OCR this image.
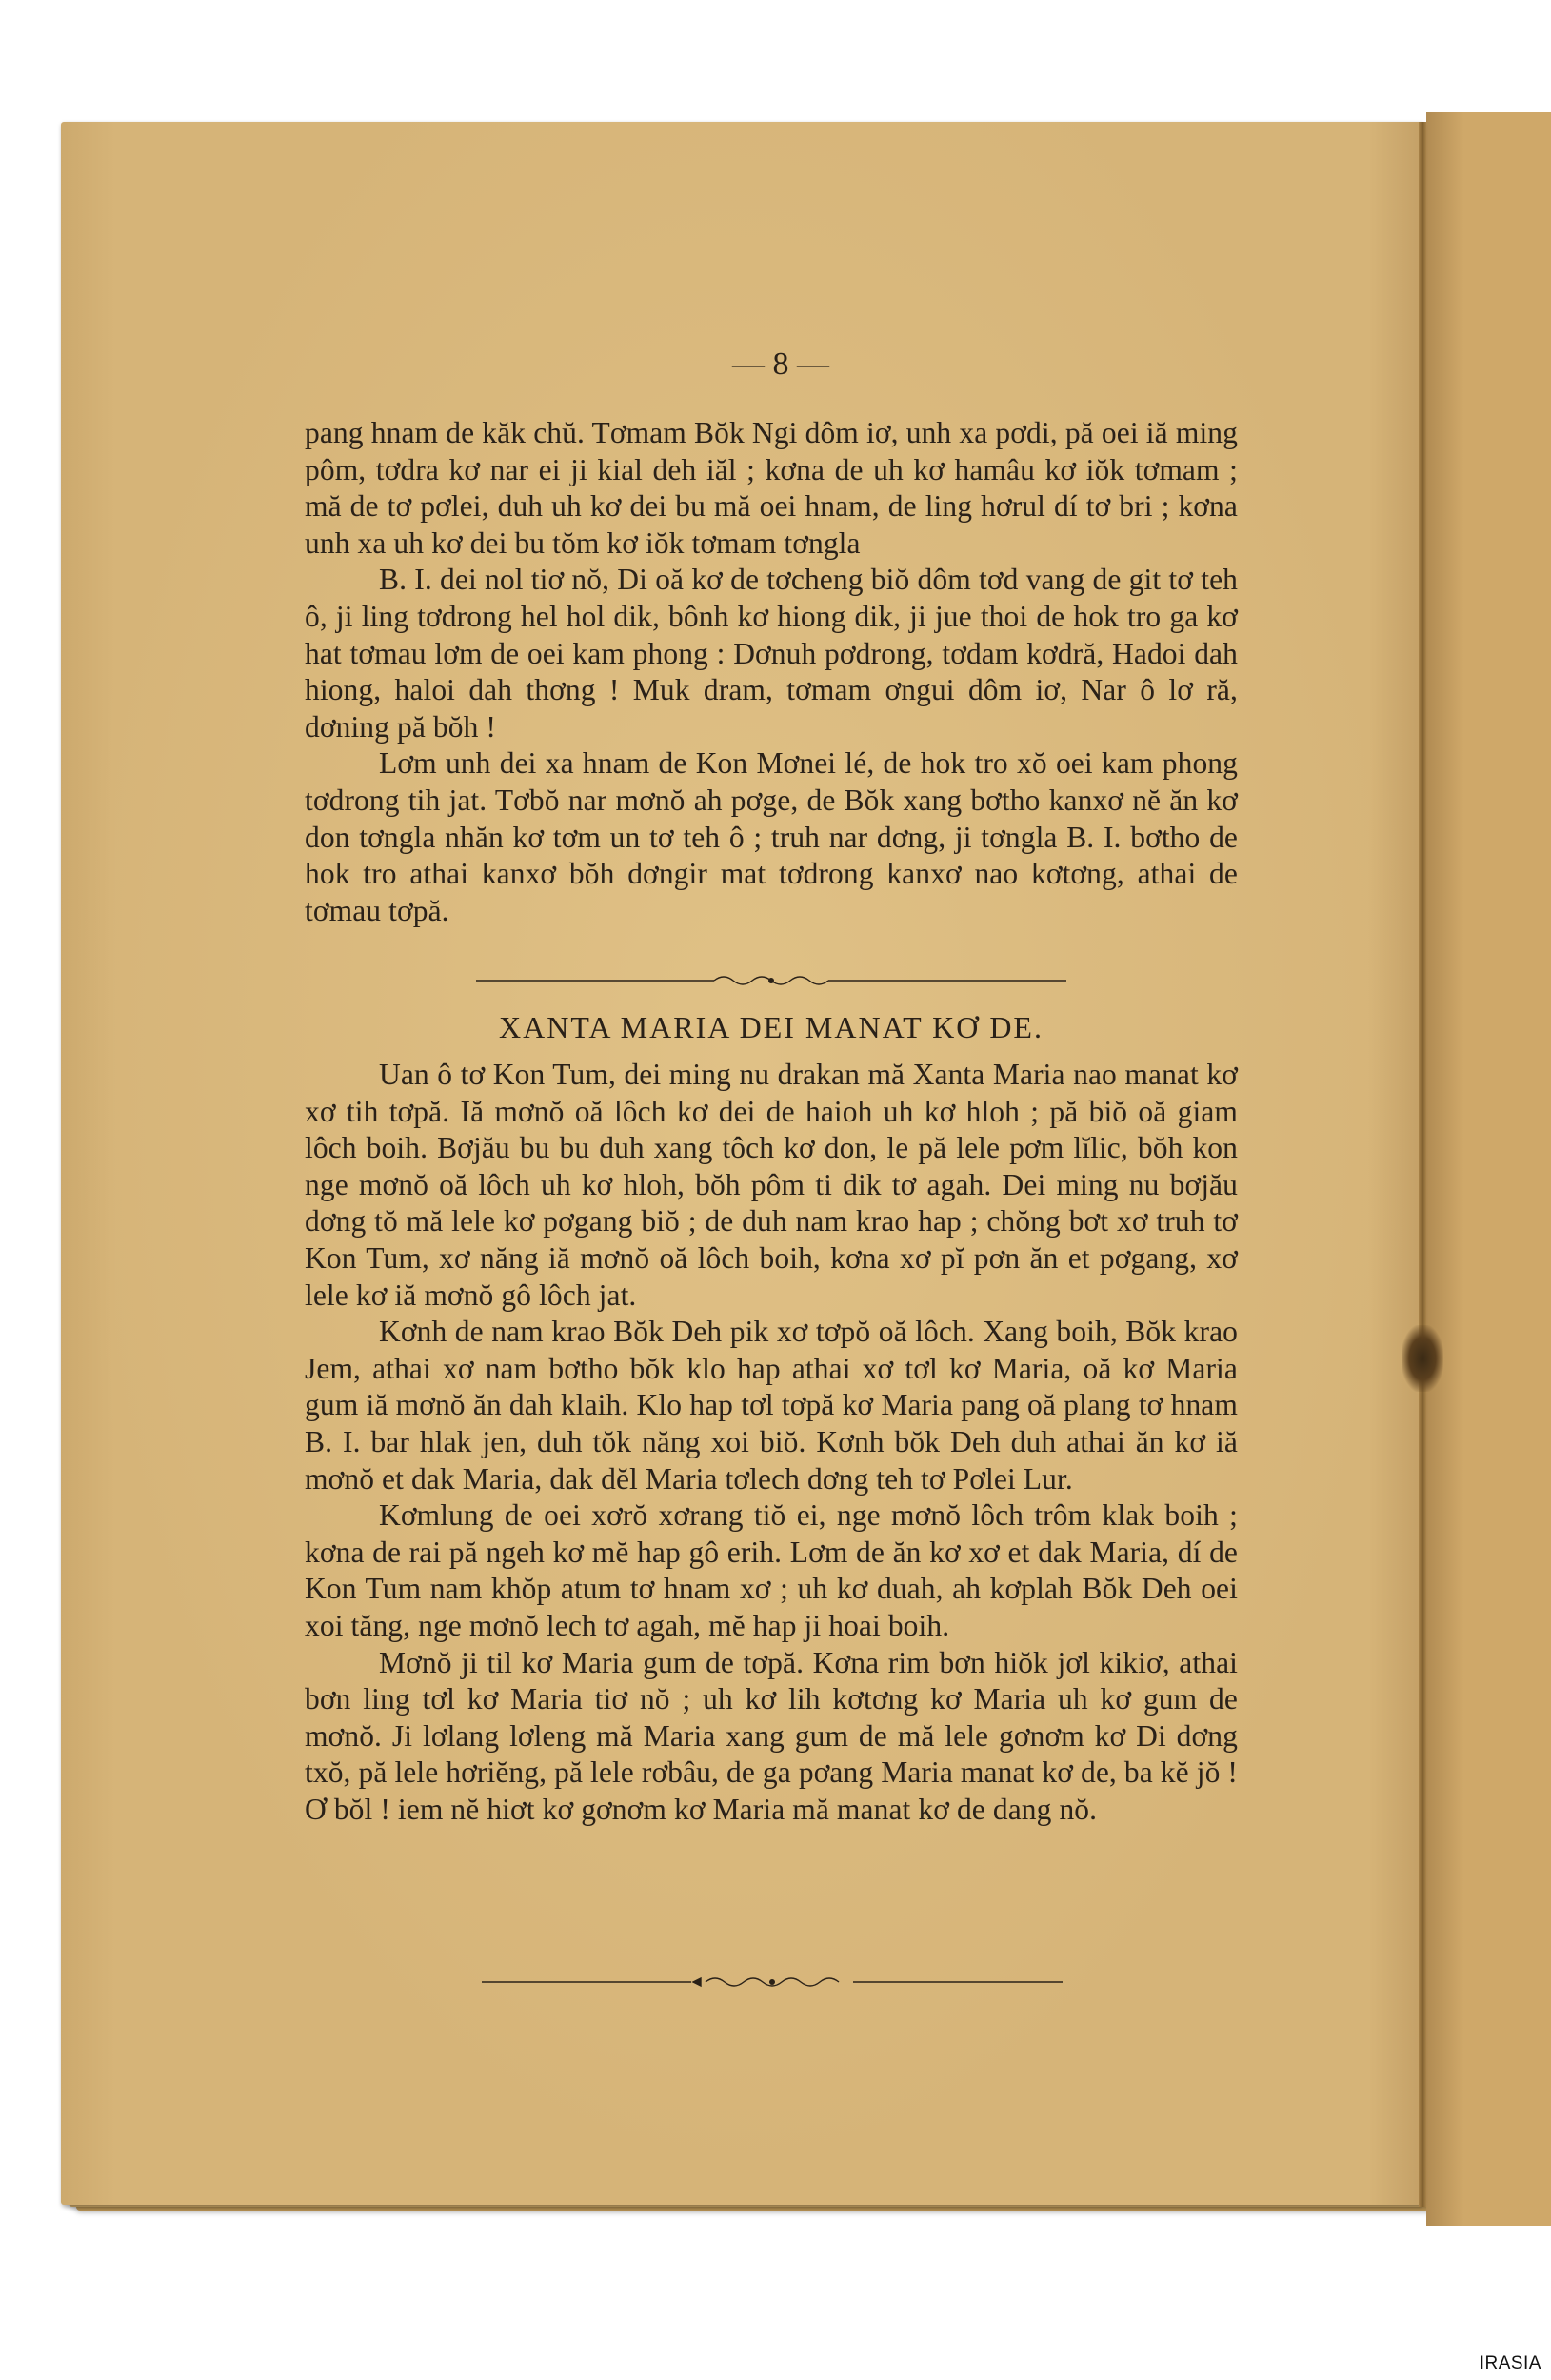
— 8 —

pang hnam de kăk chŭ. Tơmam Bŏk Ngi dôm iơ, unh xa pơdi, pă oei iă ming pôm, tơdra kơ nar ei ji kial deh iăl ; kơna de uh kơ hamâu kơ iŏk tơmam ; mă de tơ pơlei, duh uh kơ dei bu mă oei hnam, de ling hơrul dí tơ bri ; kơna unh xa uh kơ dei bu tŏm kơ iŏk tơmam tơngla

B. I. dei nol tiơ nŏ, Di oă kơ de tơcheng biŏ dôm tơd vang de git tơ teh ô, ji ling tơdrong hel hol dik, bônh kơ hiong dik, ji jue thoi de hok tro ga kơ hat tơmau lơm de oei kam phong : Dơnuh pơdrong, tơdam kơdră, Hadoi dah hiong, haloi dah thơng ! Muk dram, tơmam ơngui dôm iơ, Nar ô lơ ră, dơning pă bŏh !

Lơm unh dei xa hnam de Kon Mơnei lé, de hok tro xŏ oei kam phong tơdrong tih jat. Tơbŏ nar mơnŏ ah pơge, de Bŏk xang bơtho kanxơ nĕ ăn kơ don tơngla nhăn kơ tơm un tơ teh ô ; truh nar dơng, ji tơngla B. I. bơtho de hok tro athai kanxơ bŏh dơngir mat tơdrong kanxơ nao kơtơng, athai de tơmau tơpă.

XANTA MARIA DEI MANAT KƠ DE.

Uan ô tơ Kon Tum, dei ming nu drakan mă Xanta Maria nao manat kơ xơ tih tơpă. Iă mơnŏ oă lôch kơ dei de haioh uh kơ hloh ; pă biŏ oă giam lôch boih. Bơjău bu bu duh xang tôch kơ don, le pă lele pơm lĭlic, bŏh kon nge mơnŏ oă lôch uh kơ hloh, bŏh pôm ti dik tơ agah. Dei ming nu bơjău dơng tŏ mă lele kơ pơgang biŏ ; de duh nam krao hap ; chŏng bơt xơ truh tơ Kon Tum, xơ năng iă mơnŏ oă lôch boih, kơna xơ pĭ pơn ăn et pơgang, xơ lele kơ iă mơnŏ gô lôch jat.

Kơnh de nam krao Bŏk Deh pik xơ tơpŏ oă lôch. Xang boih, Bŏk krao Jem, athai xơ nam bơtho bŏk klo hap athai xơ tơl kơ Maria, oă kơ Maria gum iă mơnŏ ăn dah klaih. Klo hap tơl tơpă kơ Maria pang oă plang tơ hnam B. I. bar hlak jen, duh tŏk năng xoi biŏ. Kơnh bŏk Deh duh athai ăn kơ iă mơnŏ et dak Maria, dak dĕl Maria tơlech dơng teh tơ Pơlei Lur.

Kơmlung de oei xơrŏ xơrang tiŏ ei, nge mơnŏ lôch trôm klak boih ; kơna de rai pă ngeh kơ mĕ hap gô erih. Lơm de ăn kơ xơ et dak Maria, dí de Kon Tum nam khŏp atum tơ hnam xơ ; uh kơ duah, ah kơplah Bŏk Deh oei xoi tăng, nge mơnŏ lech tơ agah, mĕ hap ji hoai boih.

Mơnŏ ji til kơ Maria gum de tơpă. Kơna rim bơn hiŏk jơl kikiơ, athai bơn ling tơl kơ Maria tiơ nŏ ; uh kơ lih kơtơng kơ Maria uh kơ gum de mơnŏ. Ji lơlang lơleng mă Maria xang gum de mă lele gơnơm kơ Di dơng txŏ, pă lele hơriĕng, pă lele rơbâu, de ga pơang Maria manat kơ de, ba kĕ jŏ ! Ơ bŏl ! iem nĕ hiơt kơ gơnơm kơ Maria mă manat kơ de dang nŏ.

IRASIA
